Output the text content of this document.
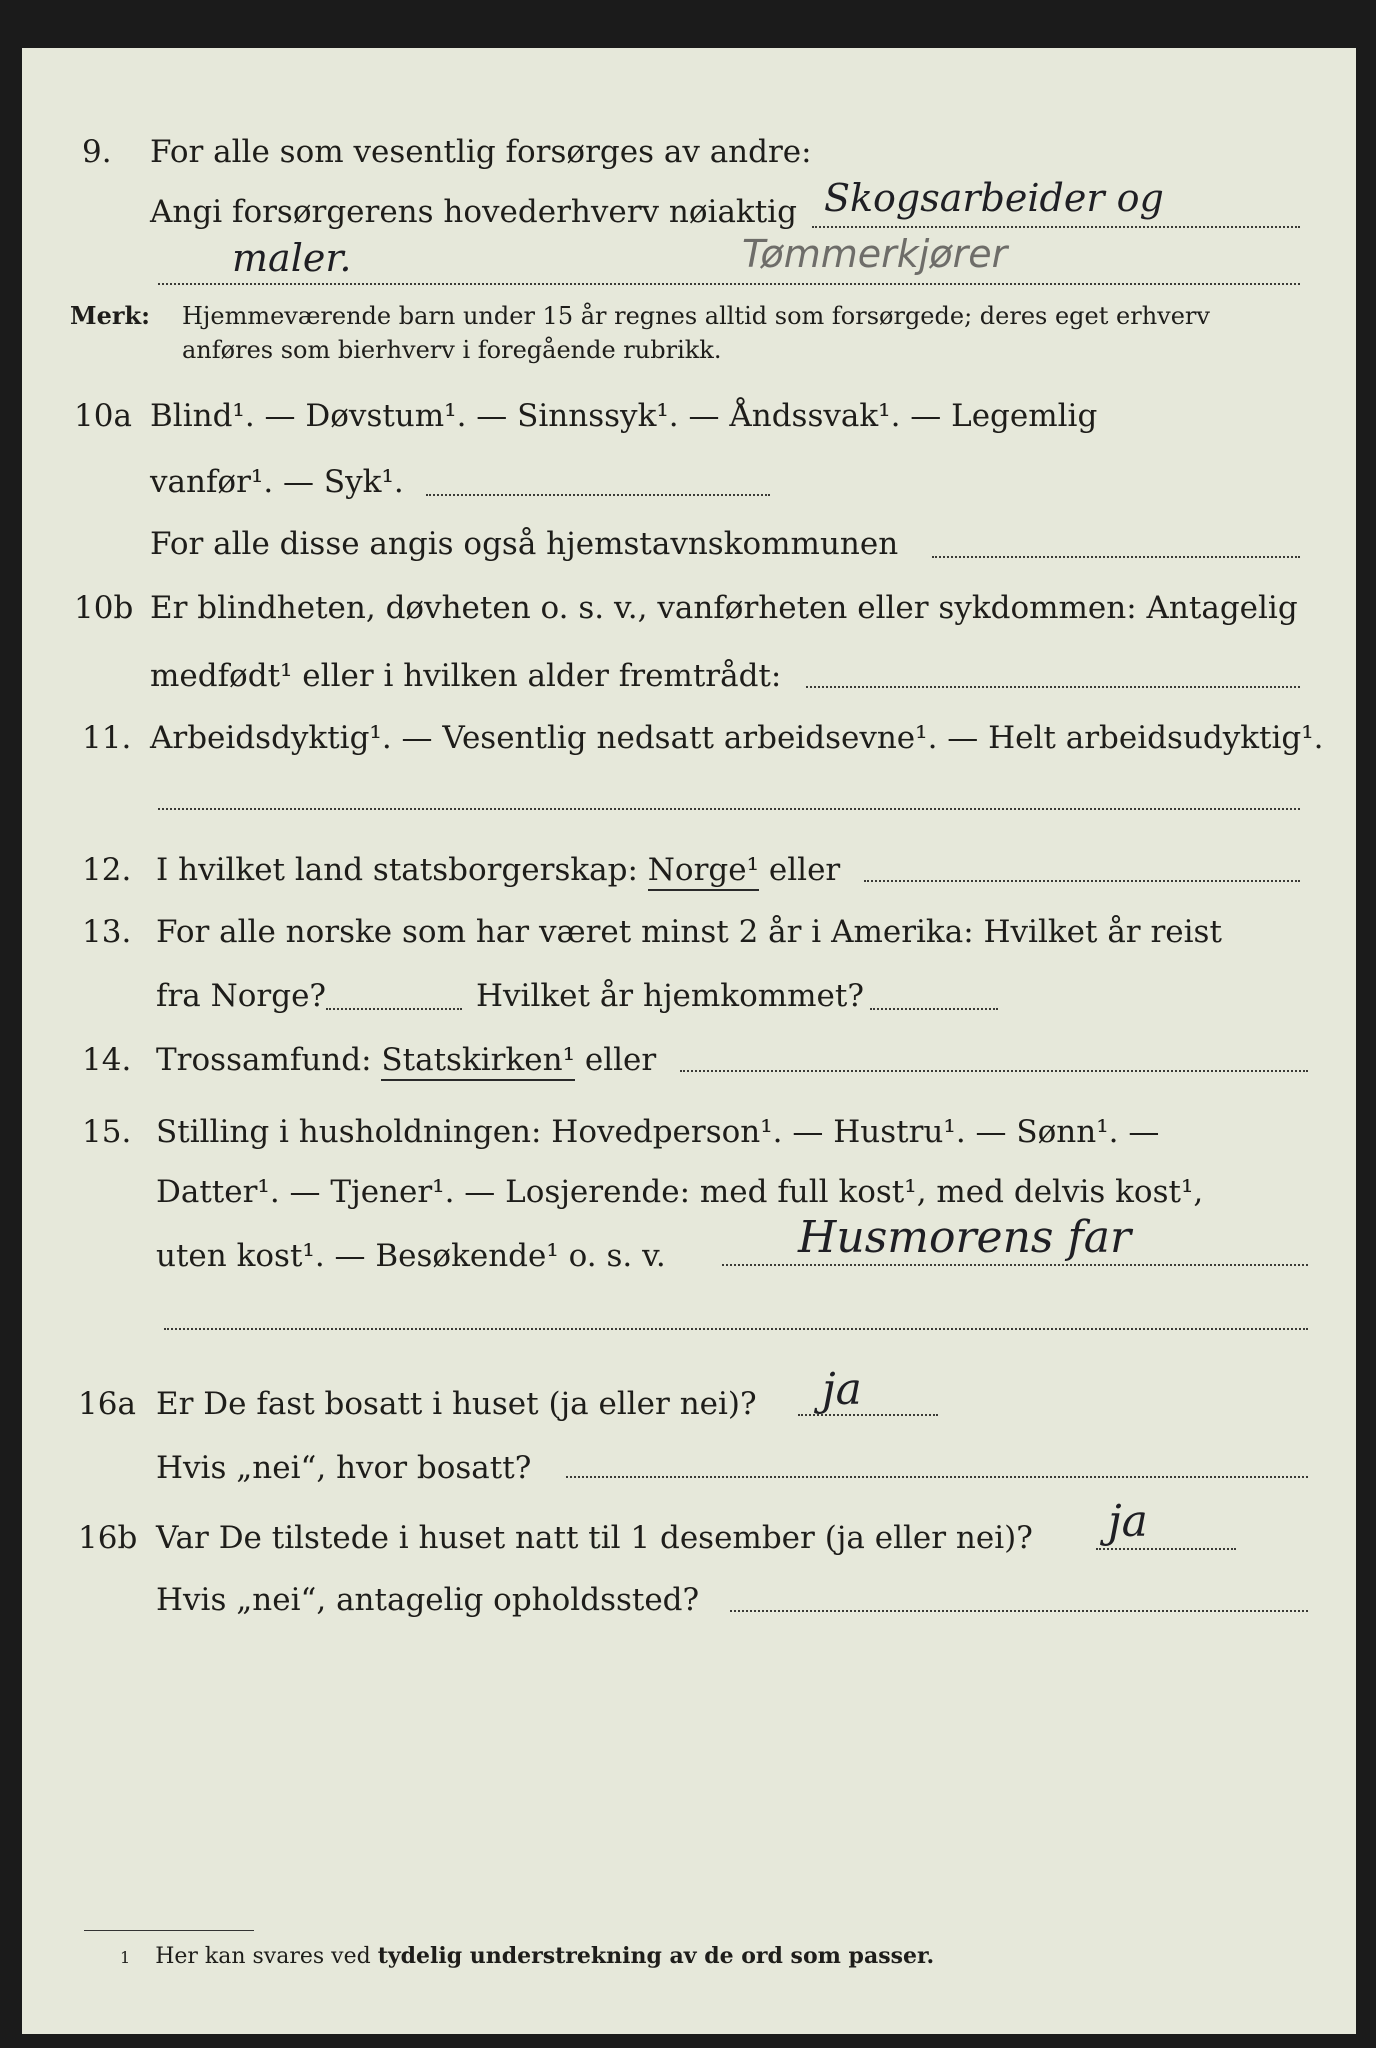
9. For alle som vesentlig forsørges av andre:
Angi forsørgerens hovederhverv nøiaktig Skogsarbeider og
maler.	Tømmerkjører
Merk: Hjemmeværende barn under 15 år regnes alltid som forsørgede; deres eget erhverv
anføres som bierhverv i foregående rubrikk.
10a Blind¹. — Døvstum¹. — Sinnssyk¹. — Åndssvak¹. — Legemlig
vanfør¹. — Syk¹.
For alle disse angis også hjemstavnskommunen
10b Er blindheten, døvheten o. s. v., vanførheten eller sykdommen: Antagelig
medfødt¹ eller i hvilken alder fremtrådt:
11. Arbeidsdyktig¹. — Vesentlig nedsatt arbeidsevne¹. — Helt arbeidsudyktig¹.
12. I hvilket land statsborgerskap: Norge¹ eller
13. For alle norske som har været minst 2 år i Amerika: Hvilket år reist
fra Norge?	Hvilket år hjemkommet?
14. Trossamfund: Statskirken¹ eller
15. Stilling i husholdningen: Hovedperson¹. — Hustru¹. — Sønn¹. —
Datter¹. — Tjener¹. — Losjerende: med full kost¹, med delvis kost¹,
uten kost¹. — Besøkende¹ o. s. v.	Husmorens far
16a Er De fast bosatt i huset (ja eller nei)? ja
Hvis „nei“, hvor bosatt?
16b Var De tilstede i huset natt til 1 desember (ja eller nei)? ja
Hvis „nei“, antagelig opholdssted?
1 Her kan svares ved tydelig understrekning av de ord som passer.
